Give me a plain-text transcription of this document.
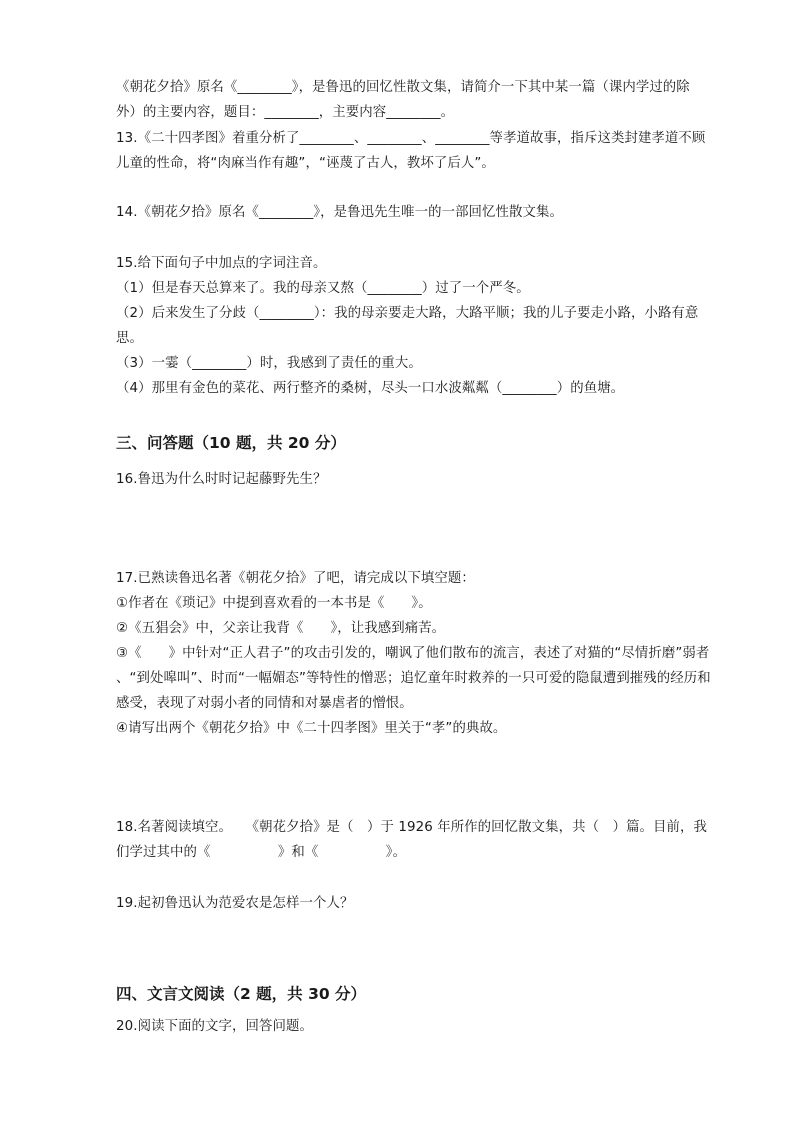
《朝花夕拾》原名《________》，是鲁迅的回忆性散文集，请简介一下其中某一篇（课内学过的除
外）的主要内容，题目：________，主要内容________。
13.《二十四孝图》着重分析了________、________、________等孝道故事，指斥这类封建孝道不顾
儿童的性命，将“肉麻当作有趣”，“诬蔑了古人，教坏了后人”。
14.《朝花夕拾》原名《________》，是鲁迅先生唯一的一部回忆性散文集。
15.给下面句子中加点的字词注音。
（1）但是春天总算来了。我的母亲又熬（________）过了一个严冬。
（2）后来发生了分歧（________）：我的母亲要走大路，大路平顺；我的儿子要走小路，小路有意
思。
（3）一霎（________）时，我感到了责任的重大。
（4）那里有金色的菜花、两行整齐的桑树，尽头一口水波粼粼（________）的鱼塘。
三、问答题（10 题，共 20 分）
16.鲁迅为什么时时记起藤野先生？
17.已熟读鲁迅名著《朝花夕拾》了吧，请完成以下填空题：
①作者在《琐记》中提到喜欢看的一本书是《　　》。
②《五猖会》中，父亲让我背《　　》，让我感到痛苦。
③《　　》中针对“正人君子”的攻击引发的，嘲讽了他们散布的流言，表述了对猫的“尽情折磨”弱者
、“到处嗥叫”、时而“一幅媚态”等特性的憎恶；追忆童年时救养的一只可爱的隐鼠遭到摧残的经历和
感受，表现了对弱小者的同情和对暴虐者的憎恨。
④请写出两个《朝花夕拾》中《二十四孝图》里关于“孝”的典故。
18.名著阅读填空。　　《朝花夕拾》是（　）于 1926 年所作的回忆散文集，共（　）篇。目前，我
们学过其中的《　　　　　》和《　　　　　》。
19.起初鲁迅认为范爱农是怎样一个人？
四、文言文阅读（2 题，共 30 分）
20.阅读下面的文字，回答问题。
